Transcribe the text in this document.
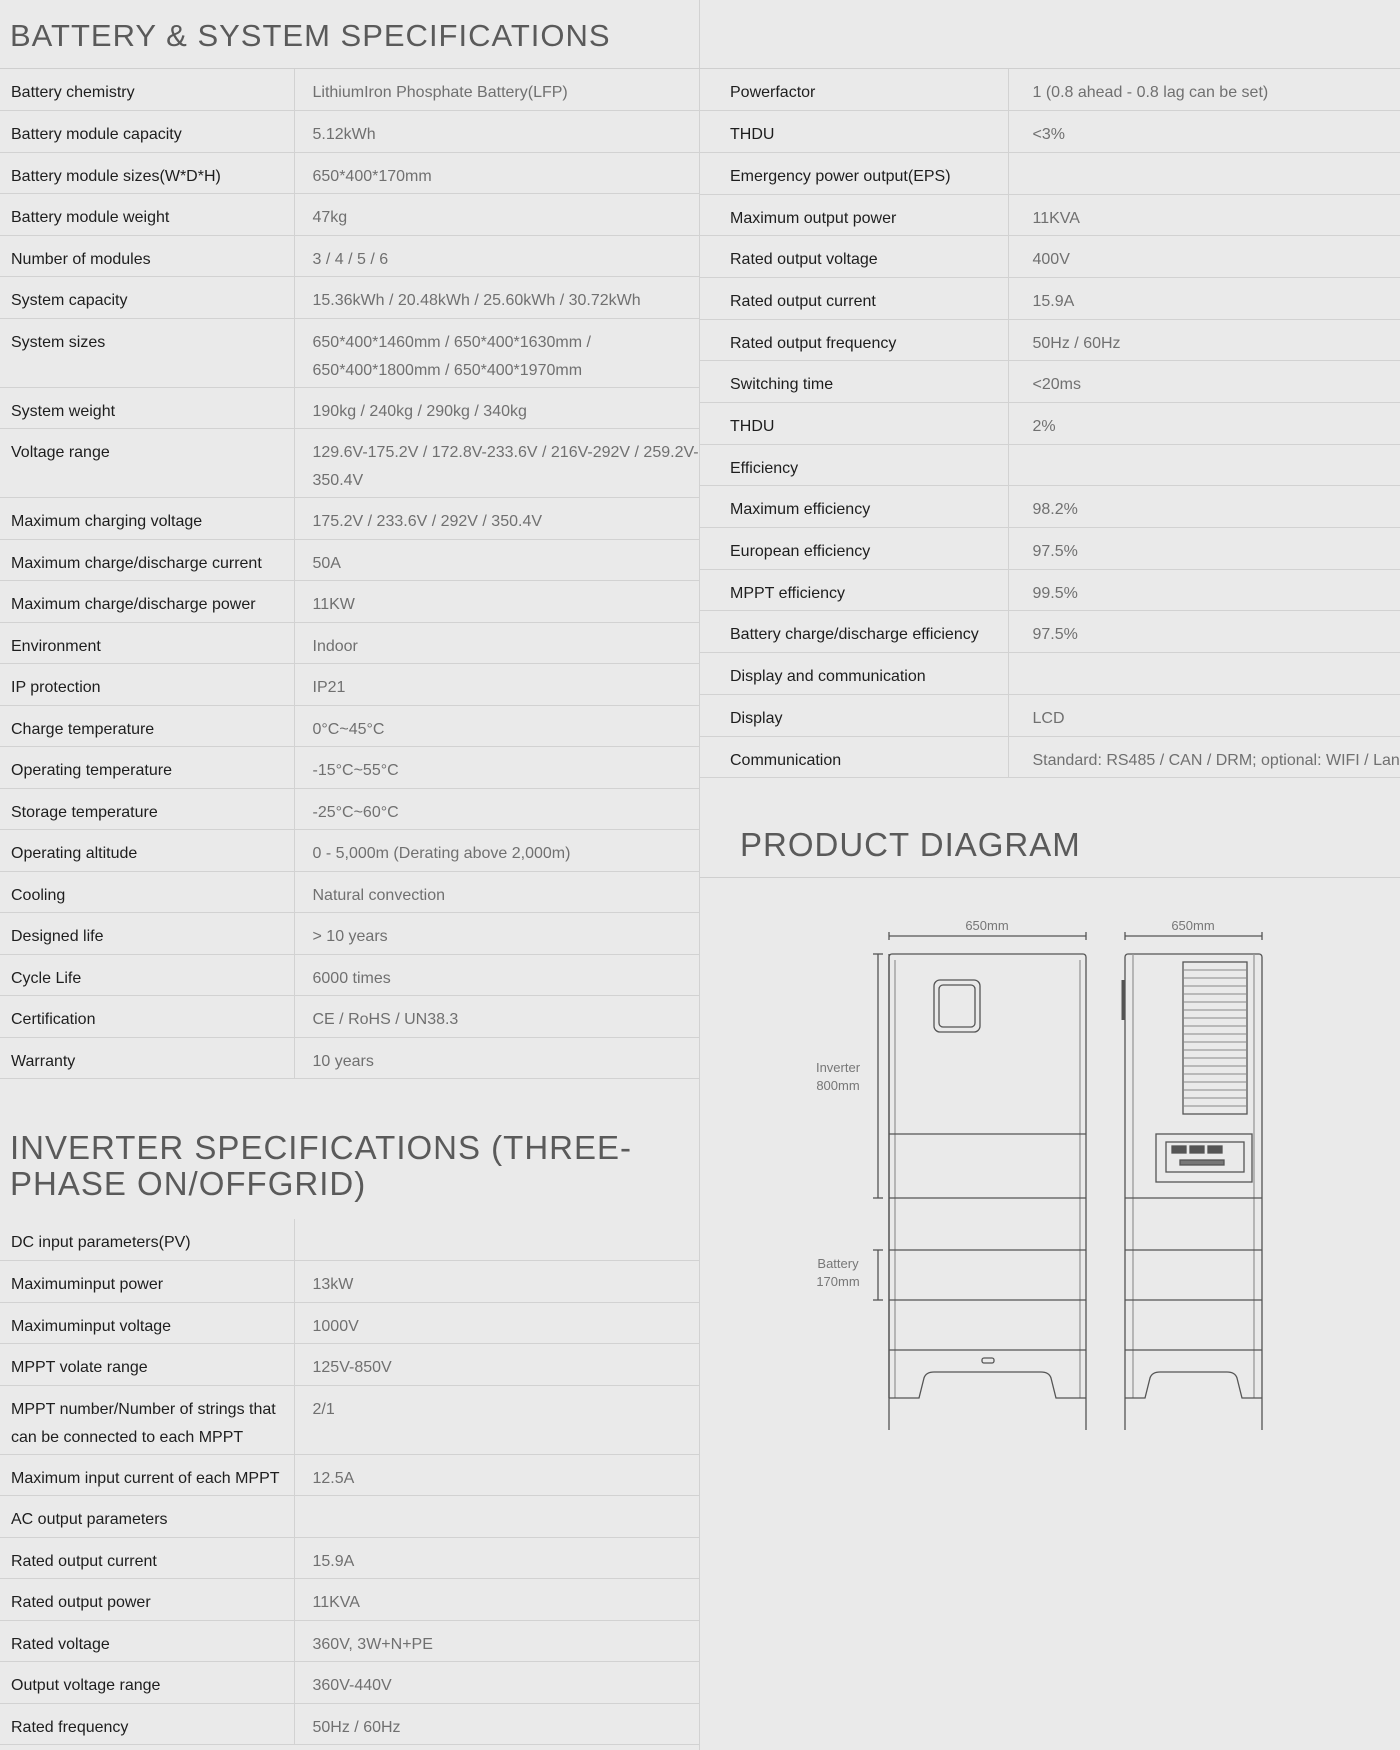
BATTERY & SYSTEM SPECIFICATIONS
Battery chemistry	LithiumIron Phosphate Battery(LFP)
Battery module capacity	5.12kWh
Battery module sizes(W*D*H)	650*400*170mm
Battery module weight	47kg
Number of modules	3 / 4 / 5 / 6
System capacity	15.36kWh / 20.48kWh / 25.60kWh / 30.72kWh
System sizes	650*400*1460mm / 650*400*1630mm / 650*400*1800mm / 650*400*1970mm
System weight	190kg / 240kg / 290kg / 340kg
Voltage range	129.6V-175.2V / 172.8V-233.6V / 216V-292V / 259.2V-350.4V
Maximum charging voltage	175.2V / 233.6V / 292V / 350.4V
Maximum charge/discharge current	50A
Maximum charge/discharge power	11KW
Environment	Indoor
IP protection	IP21
Charge temperature	0°C~45°C
Operating temperature	-15°C~55°C
Storage temperature	-25°C~60°C
Operating altitude	0 - 5,000m (Derating above 2,000m)
Cooling	Natural convection
Designed life	> 10 years
Cycle Life	6000 times
Certification	CE / RoHS / UN38.3
Warranty	10 years
INVERTER SPECIFICATIONS (THREE-PHASE ON/OFFGRID)
DC input parameters(PV)	
Maximuminput power	13kW
Maximuminput voltage	1000V
MPPT volate range	125V-850V
MPPT number/Number of strings that can be connected to each MPPT	2/1
Maximum input current of each MPPT	12.5A
AC output parameters	
Rated output current	15.9A
Rated output power	11KVA
Rated voltage	360V, 3W+N+PE
Output voltage range	360V-440V
Rated frequency	50Hz / 60Hz
Powerfactor	1 (0.8 ahead - 0.8 lag can be set)
THDU	<3%
Emergency power output(EPS)	
Maximum output power	11KVA
Rated output voltage	400V
Rated output current	15.9A
Rated output frequency	50Hz / 60Hz
Switching time	<20ms
THDU	2%
Efficiency	
Maximum efficiency	98.2%
European efficiency	97.5%
MPPT efficiency	99.5%
Battery charge/discharge efficiency	97.5%
Display and communication	
Display	LCD
Communication	Standard: RS485 / CAN / DRM; optional: WIFI / Lan
PRODUCT DIAGRAM
650mm	650mm
Inverter
800mm
Battery
170mm
